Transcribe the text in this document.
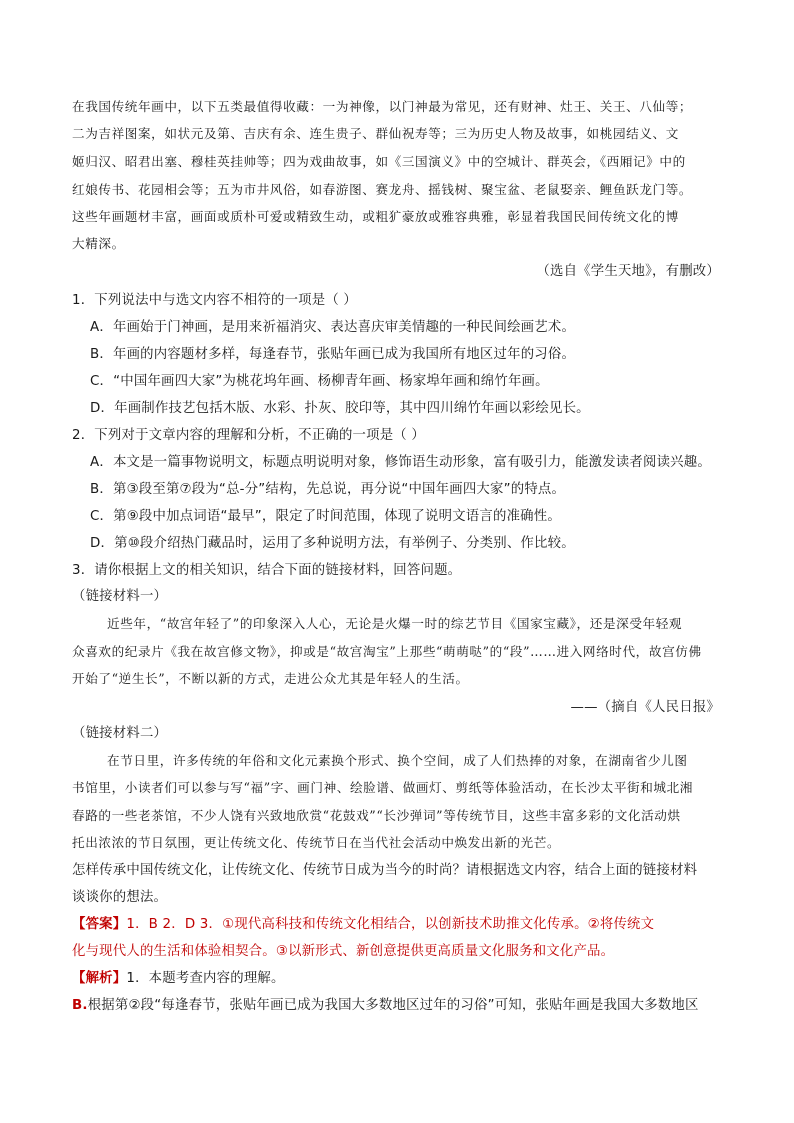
在我国传统年画中，以下五类最值得收藏：一为神像，以门神最为常见，还有财神、灶王、关王、八仙等；
二为吉祥图案，如状元及第、吉庆有余、连生贵子、群仙祝寿等；三为历史人物及故事，如桃园结义、文
姬归汉、昭君出塞、穆桂英挂帅等；四为戏曲故事，如《三国演义》中的空城计、群英会，《西厢记》中的
红娘传书、花园相会等；五为市井风俗，如春游图、赛龙舟、摇钱树、聚宝盆、老鼠娶亲、鲤鱼跃龙门等。
这些年画题材丰富，画面或质朴可爱或精致生动，或粗犷豪放或雅容典雅，彰显着我国民间传统文化的博
大精深。
（选自《学生天地》，有删改）
1．下列说法中与选文内容不相符的一项是（ ）
A．年画始于门神画，是用来祈福消灾、表达喜庆审美情趣的一种民间绘画艺术。
B．年画的内容题材多样，每逢春节，张贴年画已成为我国所有地区过年的习俗。
C．“中国年画四大家”为桃花坞年画、杨柳青年画、杨家埠年画和绵竹年画。
D．年画制作技艺包括木版、水彩、扑灰、胶印等，其中四川绵竹年画以彩绘见长。
2．下列对于文章内容的理解和分析，不正确的一项是（ ）
A．本文是一篇事物说明文，标题点明说明对象，修饰语生动形象，富有吸引力，能激发读者阅读兴趣。
B．第③段至第⑦段为“总-分”结构，先总说，再分说“中国年画四大家”的特点。
C．第⑨段中加点词语“最早”，限定了时间范围，体现了说明文语言的准确性。
D．第⑩段介绍热门藏品时，运用了多种说明方法，有举例子、分类别、作比较。
3．请你根据上文的相关知识，结合下面的链接材料，回答问题。
（链接材料一）
近些年，“故宫年轻了”的印象深入人心，无论是火爆一时的综艺节目《国家宝藏》，还是深受年轻观
众喜欢的纪录片《我在故宫修文物》，抑或是“故宫淘宝”上那些“萌萌哒”的“段”……进入网络时代，故宫仿佛
开始了“逆生长”，不断以新的方式，走进公众尤其是年轻人的生活。
——（摘自《人民日报》
（链接材料二）
在节日里，许多传统的年俗和文化元素换个形式、换个空间，成了人们热捧的对象，在湖南省少儿图
书馆里，小读者们可以参与写“福”字、画门神、绘脸谱、做画灯、剪纸等体验活动，在长沙太平街和城北湘
春路的一些老茶馆，不少人饶有兴致地欣赏“花鼓戏”“长沙弹词”等传统节目，这些丰富多彩的文化活动烘
托出浓浓的节日氛围，更让传统文化、传统节日在当代社会活动中焕发出新的光芒。
怎样传承中国传统文化，让传统文化、传统节日成为当今的时尚？请根据选文内容，结合上面的链接材料
谈谈你的想法。
【答案】1．B 2．D 3．①现代高科技和传统文化相结合，以创新技术助推文化传承。②将传统文
化与现代人的生活和体验相契合。③以新形式、新创意提供更高质量文化服务和文化产品。
【解析】1．本题考查内容的理解。
B.根据第②段“每逢春节，张贴年画已成为我国大多数地区过年的习俗”可知，张贴年画是我国大多数地区
